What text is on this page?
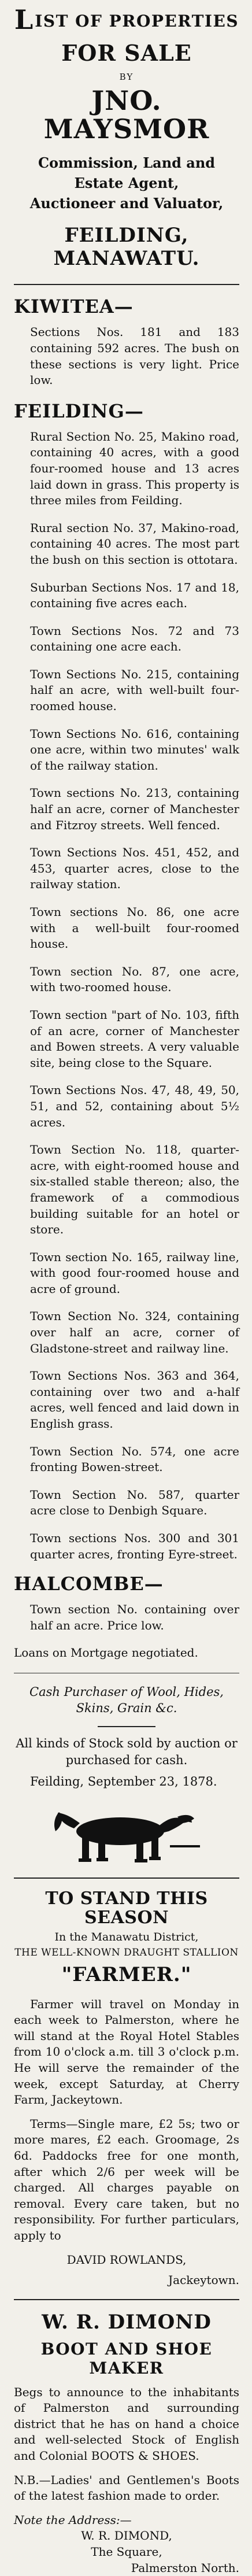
LIST OF PROPERTIES
FOR SALE
BY
JNO. MAYSMOR

Commission, Land and

Estate Agent,

Auctioneer and Valuator,

FEILDING, MANAWATU.
KIWITEA—

Sections Nos. 181 and 183 containing 592 acres. The bush on these sections is very light. Price low.

FEILDING—

Rural Section No. 25, Makino road, containing 40 acres, with a good four-roomed house and 13 acres laid down in grass. This property is three miles from Feilding.

Rural section No. 37, Makino-road, containing 40 acres. The most part the bush on this section is ottotara.

Suburban Sections Nos. 17 and 18, containing five acres each.

Town Sections Nos. 72 and 73 containing one acre each.

Town Sections No. 215, containing half an acre, with well-built four-roomed house.

Town Sections No. 616, containing one acre, within two minutes' walk of the railway station.

Town sections No. 213, containing half an acre, corner of Manchester and Fitzroy streets. Well fenced.

Town Sections Nos. 451, 452, and 453, quarter acres, close to the railway station.

Town sections No. 86, one acre with a well-built four-roomed house.

Town section No. 87, one acre, with two-roomed house.

Town section "part of No. 103, fifth of an acre, corner of Manchester and Bowen streets. A very valuable site, being close to the Square.

Town Sections Nos. 47, 48, 49, 50, 51, and 52, containing about 5½ acres.

Town Section No. 118, quarter-acre, with eight-roomed house and six-stalled stable thereon; also, the framework of a commodious building suitable for an hotel or store.

Town section No. 165, railway line, with good four-roomed house and acre of ground.

Town Section No. 324, containing over half an acre, corner of Gladstone-street and railway line.

Town Sections Nos. 363 and 364, containing over two and a-half acres, well fenced and laid down in English grass.

Town Section No. 574, one acre fronting Bowen-street.

Town Section No. 587, quarter acre close to Denbigh Square.

Town sections Nos. 300 and 301 quarter acres, fronting Eyre-street.

HALCOMBE—

Town section No. containing over half an acre. Price low.

Loans on Mortgage negotiated.

Cash Purchaser of Wool, Hides, Skins, Grain &c.

All kinds of Stock sold by auction or purchased for cash.

Feilding, September 23, 1878.

TO STAND THIS SEASON
In the Manawatu District,
THE WELL-KNOWN DRAUGHT STALLION
"FARMER."

Farmer will travel on Monday in each week to Palmerston, where he will stand at the Royal Hotel Stables from 10 o'clock a.m. till 3 o'clock p.m. He will serve the remainder of the week, except Saturday, at Cherry Farm, Jackeytown.

Terms—Single mare, £2 5s; two or more mares, £2 each. Groomage, 2s 6d. Paddocks free for one month, after which 2/6 per week will be charged. All charges payable on removal. Every care taken, but no responsibility. For further particulars, apply to

DAVID ROWLANDS,

Jackeytown.

W. R. DIMOND
BOOT AND SHOE MAKER

Begs to announce to the inhabitants of Palmerston and surrounding district that he has on hand a choice and well-selected Stock of English and Colonial BOOTS & SHOES.

N.B.—Ladies' and Gentlemen's Boots of the latest fashion made to order.

Note the Address:—

W. R. DIMOND,

The Square,

Palmerston North.
